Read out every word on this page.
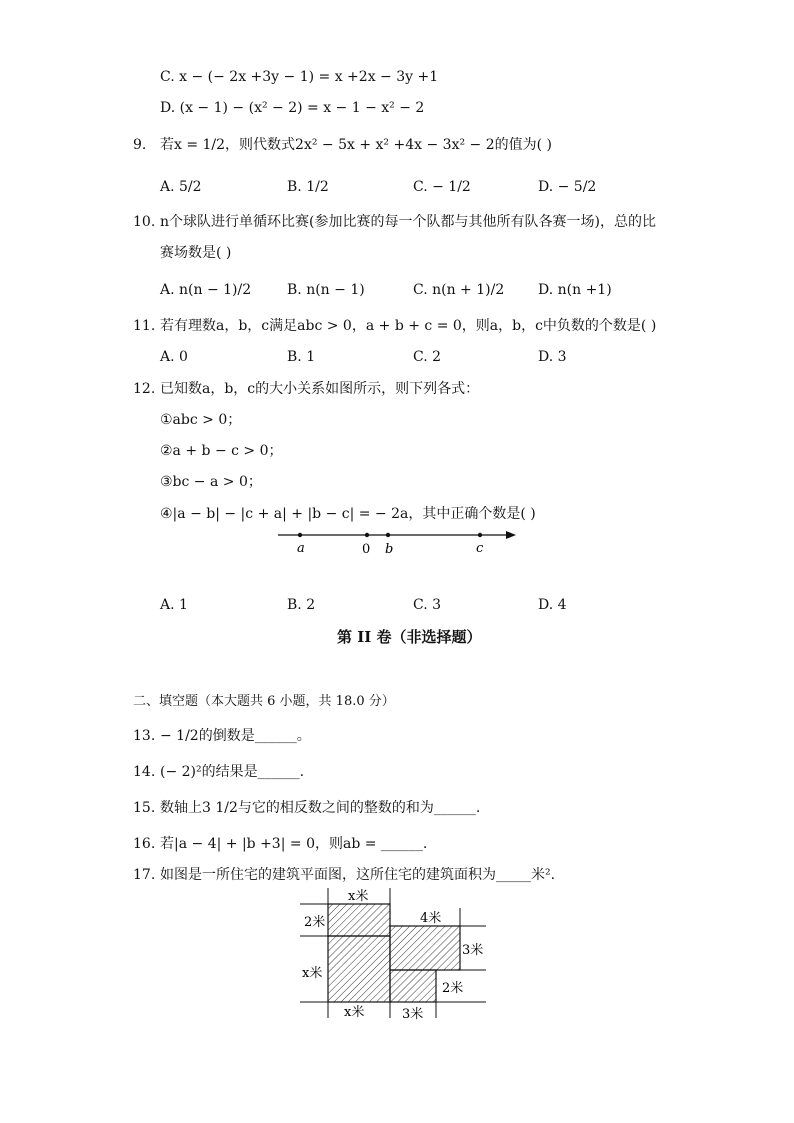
C. x − (− 2x +3y − 1) = x +2x − 3y +1
D. (x − 1) − (x² − 2) = x − 1 − x² − 2
9. 若x = 1/2，则代数式2x² − 5x + x² +4x − 3x² − 2的值为( )
A. 5/2	B. 1/2	C. − 1/2	D. − 5/2
10. n个球队进行单循环比赛(参加比赛的每一个队都与其他所有队各赛一场)，总的比
赛场数是( )
A. n(n − 1)/2	B. n(n − 1)	C. n(n + 1)/2 D. n(n +1)
11. 若有理数a，b，c满足abc > 0，a + b + c = 0，则a，b，c中负数的个数是( )
A. 0	B. 1	C. 2	D. 3
12. 已知数a，b，c的大小关系如图所示，则下列各式：
①abc > 0；
②a + b − c > 0；
③bc − a > 0；
④|a − b| − |c + a| + |b − c| = − 2a，其中正确个数是( )
a	0 b	c
A. 1	B. 2	C. 3	D. 4
第 II 卷（非选择题）
二、填空题（本大题共 6 小题，共 18.0 分）
13. − 1/2的倒数是______。
14. (− 2)²的结果是______.
15. 数轴上3 1/2与它的相反数之间的整数的和为______.
16. 若|a − 4| + |b +3| = 0，则ab = ______.
17. 如图是一所住宅的建筑平面图，这所住宅的建筑面积为_____米².
x米
2米
x米
4米
3米
2米
x米	3米
